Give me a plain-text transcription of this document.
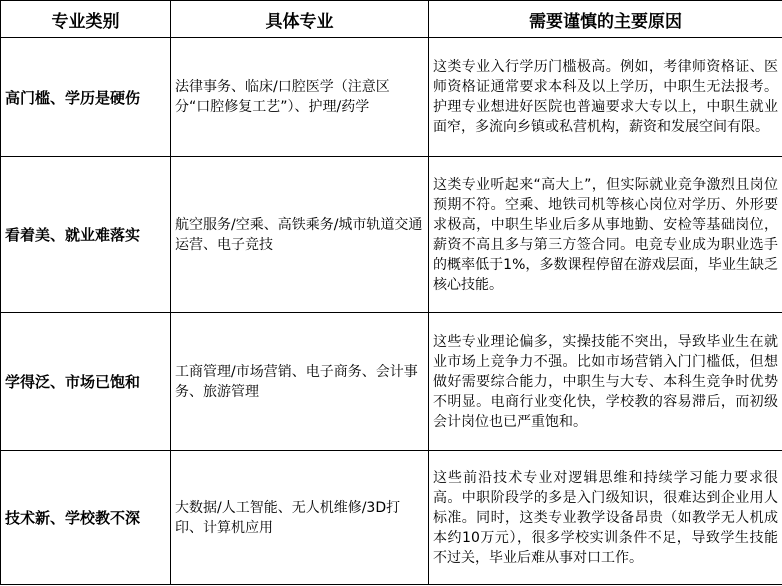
专业类别	具体专业	需要谨慎的主要原因
高门槛、学历是硬伤	法律事务、临床/口腔医学（注意区分“口腔修复工艺”）、护理/药学	这类专业入行学历门槛极高。例如，考律师资格证、医师资格证通常要求本科及以上学历，中职生无法报考。护理专业想进好医院也普遍要求大专以上，中职生就业面窄，多流向乡镇或私营机构，薪资和发展空间有限。
看着美、就业难落实	航空服务/空乘、高铁乘务/城市轨道交通运营、电子竞技	这类专业听起来“高大上”，但实际就业竞争激烈且岗位预期不符。空乘、地铁司机等核心岗位对学历、外形要求极高，中职生毕业后多从事地勤、安检等基础岗位，薪资不高且多与第三方签合同。电竞专业成为职业选手的概率低于1%，多数课程停留在游戏层面，毕业生缺乏核心技能。
学得泛、市场已饱和	工商管理/市场营销、电子商务、会计事务、旅游管理	这些专业理论偏多，实操技能不突出，导致毕业生在就业市场上竞争力不强。比如市场营销入门门槛低，但想做好需要综合能力，中职生与大专、本科生竞争时优势不明显。电商行业变化快，学校教的容易滞后，而初级会计岗位也已严重饱和。
技术新、学校教不深	大数据/人工智能、无人机维修/3D打印、计算机应用	这些前沿技术专业对逻辑思维和持续学习能力要求很高。中职阶段学的多是入门级知识，很难达到企业用人标准。同时，这类专业教学设备昂贵（如教学无人机成本约10万元），很多学校实训条件不足，导致学生技能不过关，毕业后难从事对口工作。
